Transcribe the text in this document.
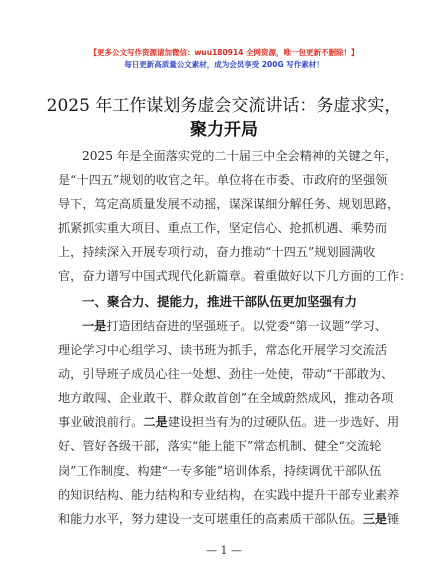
【更多公文写作资源请加微信：wuu180914 全网资源，唯一包更新不删除！】
每日更新高质量公文素材，成为会员享受 200G 写作素材！
2025 年工作谋划务虚会交流讲话：务虚求实，
聚力开局
2025 年是全面落实党的二十届三中全会精神的关键之年，
是“十四五”规划的收官之年。单位将在市委、市政府的坚强领
导下，笃定高质量发展不动摇，谋深谋细分解任务、规划思路，
抓紧抓实重大项目、重点工作，坚定信心、抢抓机遇、乘势而
上，持续深入开展专项行动，奋力推动“十四五”规划圆满收
官，奋力谱写中国式现代化新篇章。着重做好以下几方面的工作：
一、聚合力、提能力，推进干部队伍更加坚强有力
一是打造团结奋进的坚强班子。以党委“第一议题”学习、
理论学习中心组学习、读书班为抓手，常态化开展学习交流活
动，引导班子成员心往一处想、劲往一处使，带动“干部敢为、
地方敢闯、企业敢干、群众敢首创”在全域蔚然成风，推动各项
事业破浪前行。二是建设担当有为的过硬队伍。进一步选好、用
好、管好各级干部，落实“能上能下”常态机制、健全“交流轮
岗”工作制度、构建“一专多能”培训体系，持续调优干部队伍
的知识结构、能力结构和专业结构，在实践中提升干部专业素养
和能力水平，努力建设一支可堪重任的高素质干部队伍。三是锤
— 1 —
